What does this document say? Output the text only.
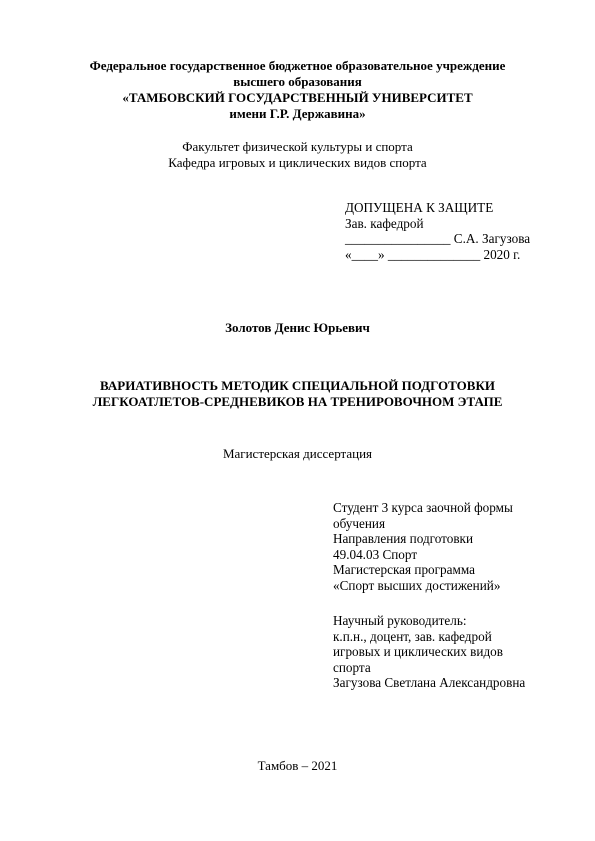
Федеральное государственное бюджетное образовательное учреждение
высшего образования
«ТАМБОВСКИЙ ГОСУДАРСТВЕННЫЙ УНИВЕРСИТЕТ
имени Г.Р. Державина»
Факультет физической культуры и спорта
Кафедра игровых и циклических видов спорта
ДОПУЩЕНА К ЗАЩИТЕ
Зав. кафедрой
________________ С.А. Загузова
«____» ______________ 2020 г.
Золотов Денис Юрьевич
ВАРИАТИВНОСТЬ МЕТОДИК СПЕЦИАЛЬНОЙ ПОДГОТОВКИ
ЛЕГКОАТЛЕТОВ-СРЕДНЕВИКОВ НА ТРЕНИРОВОЧНОМ ЭТАПЕ
Магистерская диссертация
Студент 3 курса заочной формы
обучения
Направления подготовки
49.04.03 Спорт
Магистерская программа
«Спорт высших достижений»
Научный руководитель:
к.п.н., доцент, зав. кафедрой
игровых и циклических видов
спорта
Загузова Светлана Александровна
Тамбов – 2021
